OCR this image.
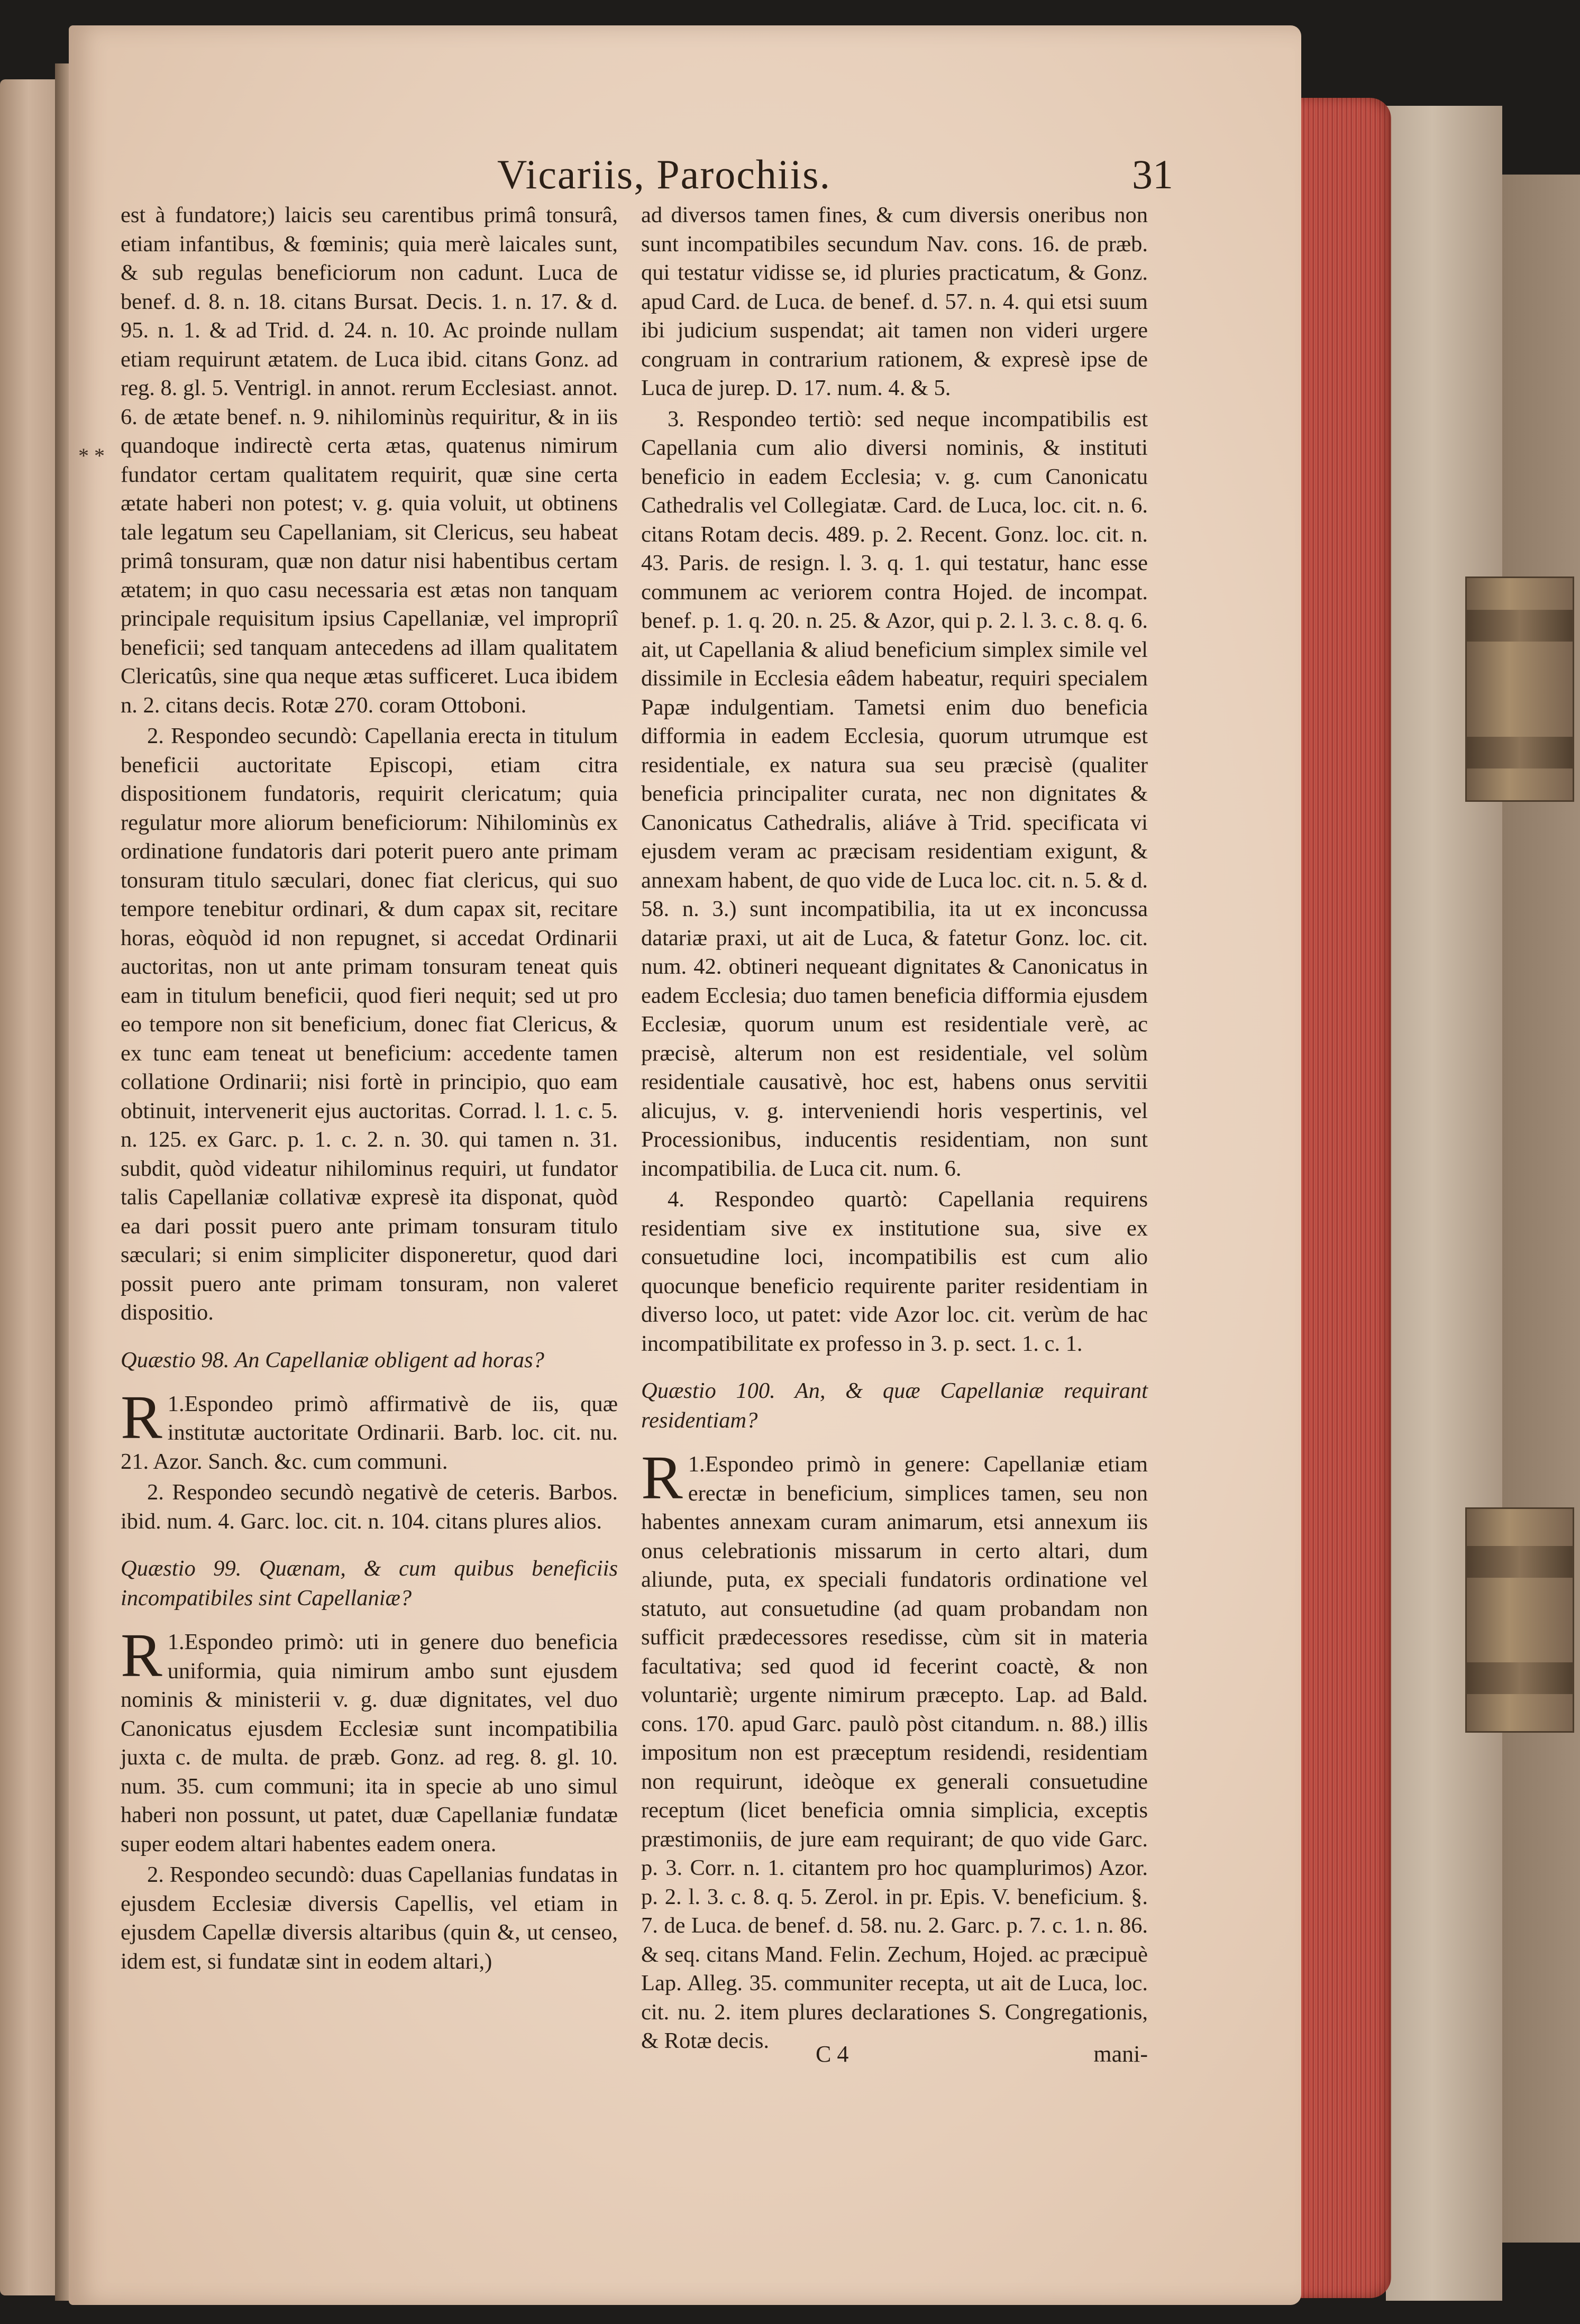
Vicariis, Parochiis.	31
* *

est à fundatore;) laicis seu carentibus primâ tonsurâ, etiam infantibus, & fœminis; quia merè laicales sunt, & sub regulas beneficiorum non cadunt. Luca de benef. d. 8. n. 18. citans Bursat. Decis. 1. n. 17. & d. 95. n. 1. & ad Trid. d. 24. n. 10. Ac proinde nullam etiam requirunt ætatem. de Luca ibid. citans Gonz. ad reg. 8. gl. 5. Ventrigl. in annot. rerum Ecclesiast. annot. 6. de ætate benef. n. 9. nihilominùs requiritur, & in iis quandoque indirectè certa ætas, quatenus nimirum fundator certam qualitatem requirit, quæ sine certa ætate haberi non potest; v. g. quia voluit, ut obtinens tale legatum seu Capellaniam, sit Clericus, seu habeat primâ tonsuram, quæ non datur nisi habentibus certam ætatem; in quo casu necessaria est ætas non tanquam principale requisitum ipsius Capellaniæ, vel impropriî beneficii; sed tanquam antecedens ad illam qualitatem Clericatûs, sine qua neque ætas sufficeret. Luca ibidem n. 2. citans decis. Rotæ 270. coram Ottoboni.

2. Respondeo secundò: Capellania erecta in titulum beneficii auctoritate Episcopi, etiam citra dispositionem fundatoris, requirit clericatum; quia regulatur more aliorum beneficiorum: Nihilominùs ex ordinatione fundatoris dari poterit puero ante primam tonsuram titulo sæculari, donec fiat clericus, qui suo tempore tenebitur ordinari, & dum capax sit, recitare horas, eòquòd id non repugnet, si accedat Ordinarii auctoritas, non ut ante primam tonsuram teneat quis eam in titulum beneficii, quod fieri nequit; sed ut pro eo tempore non sit beneficium, donec fiat Clericus, & ex tunc eam teneat ut beneficium: accedente tamen collatione Ordinarii; nisi fortè in principio, quo eam obtinuit, intervenerit ejus auctoritas. Corrad. l. 1. c. 5. n. 125. ex Garc. p. 1. c. 2. n. 30. qui tamen n. 31. subdit, quòd videatur nihilominus requiri, ut fundator talis Capellaniæ collativæ expresè ita disponat, quòd ea dari possit puero ante primam tonsuram titulo sæculari; si enim simpliciter disponeretur, quod dari possit puero ante primam tonsuram, non valeret dispositio.

Quæstio 98. An Capellaniæ obligent ad horas?

1.
R Espondeo primò affirmativè de iis, quæ institutæ auctoritate Ordinarii. Barb. loc. cit. nu. 21. Azor. Sanch. &c. cum communi.

2. Respondeo secundò negativè de ceteris. Barbos. ibid. num. 4. Garc. loc. cit. n. 104. citans plures alios.

Quæstio 99. Quænam, & cum quibus beneficiis incompatibiles sint Capellaniæ?

1.
R Espondeo primò: uti in genere duo beneficia uniformia, quia nimirum ambo sunt ejusdem nominis & ministerii v. g. duæ dignitates, vel duo Canonicatus ejusdem Ecclesiæ sunt incompatibilia juxta c. de multa. de præb. Gonz. ad reg. 8. gl. 10. num. 35. cum communi; ita in specie ab uno simul haberi non possunt, ut patet, duæ Capellaniæ fundatæ super eodem altari habentes eadem onera.

2. Respondeo secundò: duas Capellanias fundatas in ejusdem Ecclesiæ diversis Capellis, vel etiam in ejusdem Capellæ diversis altaribus (quin &, ut censeo, idem est, si fundatæ sint in eodem altari,)

ad diversos tamen fines, & cum diversis oneribus non sunt incompatibiles secundum Nav. cons. 16. de præb. qui testatur vidisse se, id pluries practicatum, & Gonz. apud Card. de Luca. de benef. d. 57. n. 4. qui etsi suum ibi judicium suspendat; ait tamen non videri urgere congruam in contrarium rationem, & expresè ipse de Luca de jurep. D. 17. num. 4. & 5.

3. Respondeo tertiò: sed neque incompatibilis est Capellania cum alio diversi nominis, & instituti beneficio in eadem Ecclesia; v. g. cum Canonicatu Cathedralis vel Collegiatæ. Card. de Luca, loc. cit. n. 6. citans Rotam decis. 489. p. 2. Recent. Gonz. loc. cit. n. 43. Paris. de resign. l. 3. q. 1. qui testatur, hanc esse communem ac veriorem contra Hojed. de incompat. benef. p. 1. q. 20. n. 25. & Azor, qui p. 2. l. 3. c. 8. q. 6. ait, ut Capellania & aliud beneficium simplex simile vel dissimile in Ecclesia eâdem habeatur, requiri specialem Papæ indulgentiam. Tametsi enim duo beneficia difformia in eadem Ecclesia, quorum utrumque est residentiale, ex natura sua seu præcisè (qualiter beneficia principaliter curata, nec non dignitates & Canonicatus Cathedralis, aliáve à Trid. specificata vi ejusdem veram ac præcisam residentiam exigunt, & annexam habent, de quo vide de Luca loc. cit. n. 5. & d. 58. n. 3.) sunt incompatibilia, ita ut ex inconcussa datariæ praxi, ut ait de Luca, & fatetur Gonz. loc. cit. num. 42. obtineri nequeant dignitates & Canonicatus in eadem Ecclesia; duo tamen beneficia difformia ejusdem Ecclesiæ, quorum unum est residentiale verè, ac præcisè, alterum non est residentiale, vel solùm residentiale causativè, hoc est, habens onus servitii alicujus, v. g. interveniendi horis vespertinis, vel Processionibus, inducentis residentiam, non sunt incompatibilia. de Luca cit. num. 6.

4. Respondeo quartò: Capellania requirens residentiam sive ex institutione sua, sive ex consuetudine loci, incompatibilis est cum alio quocunque beneficio requirente pariter residentiam in diverso loco, ut patet: vide Azor loc. cit. verùm de hac incompatibilitate ex professo in 3. p. sect. 1. c. 1.

Quæstio 100. An, & quæ Capellaniæ requirant residentiam?

1.
R Espondeo primò in genere: Capellaniæ etiam erectæ in beneficium, simplices tamen, seu non habentes annexam curam animarum, etsi annexum iis onus celebrationis missarum in certo altari, dum aliunde, puta, ex speciali fundatoris ordinatione vel statuto, aut consuetudine (ad quam probandam non sufficit prædecessores resedisse, cùm sit in materia facultativa; sed quod id fecerint coactè, & non voluntariè; urgente nimirum præcepto. Lap. ad Bald. cons. 170. apud Garc. paulò pòst citandum. n. 88.) illis impositum non est præceptum residendi, residentiam non requirunt, ideòque ex generali consuetudine receptum (licet beneficia omnia simplicia, exceptis præstimoniis, de jure eam requirant; de quo vide Garc. p. 3. Corr. n. 1. citantem pro hoc quamplurimos) Azor. p. 2. l. 3. c. 8. q. 5. Zerol. in pr. Epis. V. beneficium. §. 7. de Luca. de benef. d. 58. nu. 2. Garc. p. 7. c. 1. n. 86. & seq. citans Mand. Felin. Zechum, Hojed. ac præcipuè Lap. Alleg. 35. communiter recepta, ut ait de Luca, loc. cit. nu. 2. item plures declarationes S. Congregationis, & Rotæ decis.

C 4	mani-
